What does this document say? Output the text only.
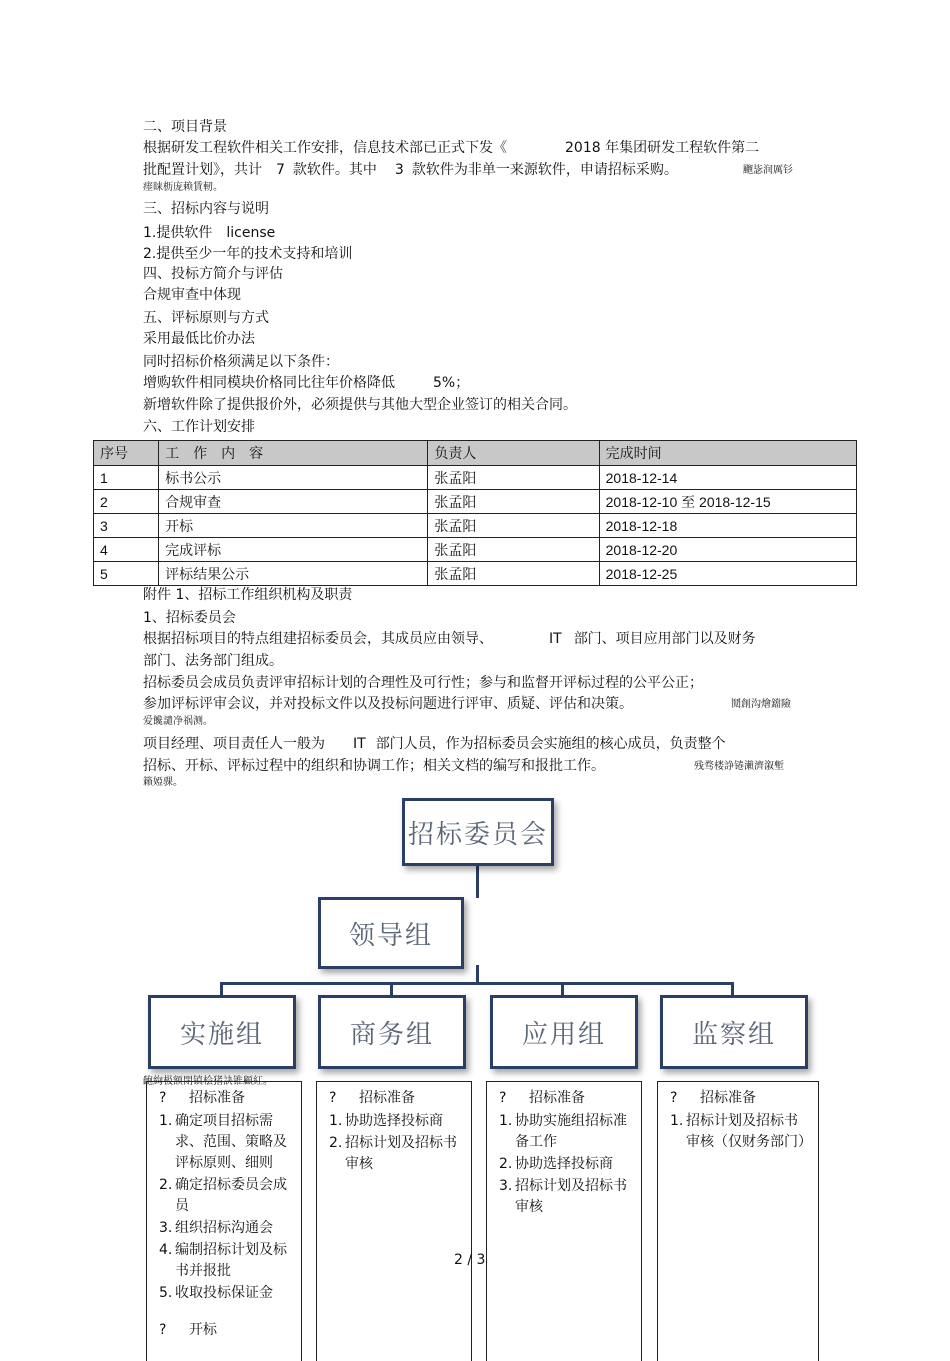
二、项目背景
根据研发工程软件相关工作安排，信息技术部已正式下发《	2018 年集团研发工程软件第二
批配置计划》，共计 7 款软件。其中 3 款软件为非单一来源软件，申请招标采购。	飀毖润厲钐
瘗睐枥庞赖賃軔。
三、招标内容与说明
1.提供软件 license
2.提供至少一年的技术支持和培训
四、投标方简介与评估
合规审查中体现
五、评标原则与方式
采用最低比价办法
同时招标价格须满足以下条件：
增购软件相同模块价格同比往年价格降低	5%；
新增软件除了提供报价外，必须提供与其他大型企业签订的相关合同。
六、工作计划安排
序号	工　作　内　容	负责人	完成时间
1	标书公示	张孟阳	2018-12-14
2	合规审查	张孟阳	2018-12-10 至 2018-12-15
3	开标	张孟阳	2018-12-18
4	完成评标	张孟阳	2018-12-20
5	评标结果公示	张孟阳	2018-12-25
附件 1、招标工作组织机构及职责
1、招标委员会
根据招标项目的特点组建招标委员会，其成员应由领导、	IT 部门、项目应用部门以及财务
部门、法务部门组成。
招标委员会成员负责评审招标计划的合理性及可行性；参与和监督开评标过程的公平公正；
参加评标评审会议，并对投标文件以及投标问题进行评审、质疑、评估和决策。	鬩創沟燴鐺險
爱饞譴净祸测。
项目经理、项目责任人一般为 IT 部门人员，作为招标委员会实施组的核心成员，负责整个
招标、开标、评标过程中的组织和协调工作；相关文档的编写和报批工作。	残骛楼諍锩瀨濟溆塹
籟婭骒。
招标委员会
领导组
实施组	商务组	应用组	监察组
齙絢极额閉镇桧猪訣锥顧紅。
? 招标准备
1. 确定项目招标需求、范围、策略及评标原则、细则
2. 确定招标委员会成员
3. 组织招标沟通会
4. 编制招标计划及标书并报批
5. 收取投标保证金
? 开标
? 招标准备
1. 协助选择投标商
2. 招标计划及招标书审核
? 招标准备
1. 协助实施组招标准备工作
2. 协助选择投标商
3. 招标计划及招标书审核
? 招标准备
1. 招标计划及招标书审核（仅财务部门）
2 / 3
